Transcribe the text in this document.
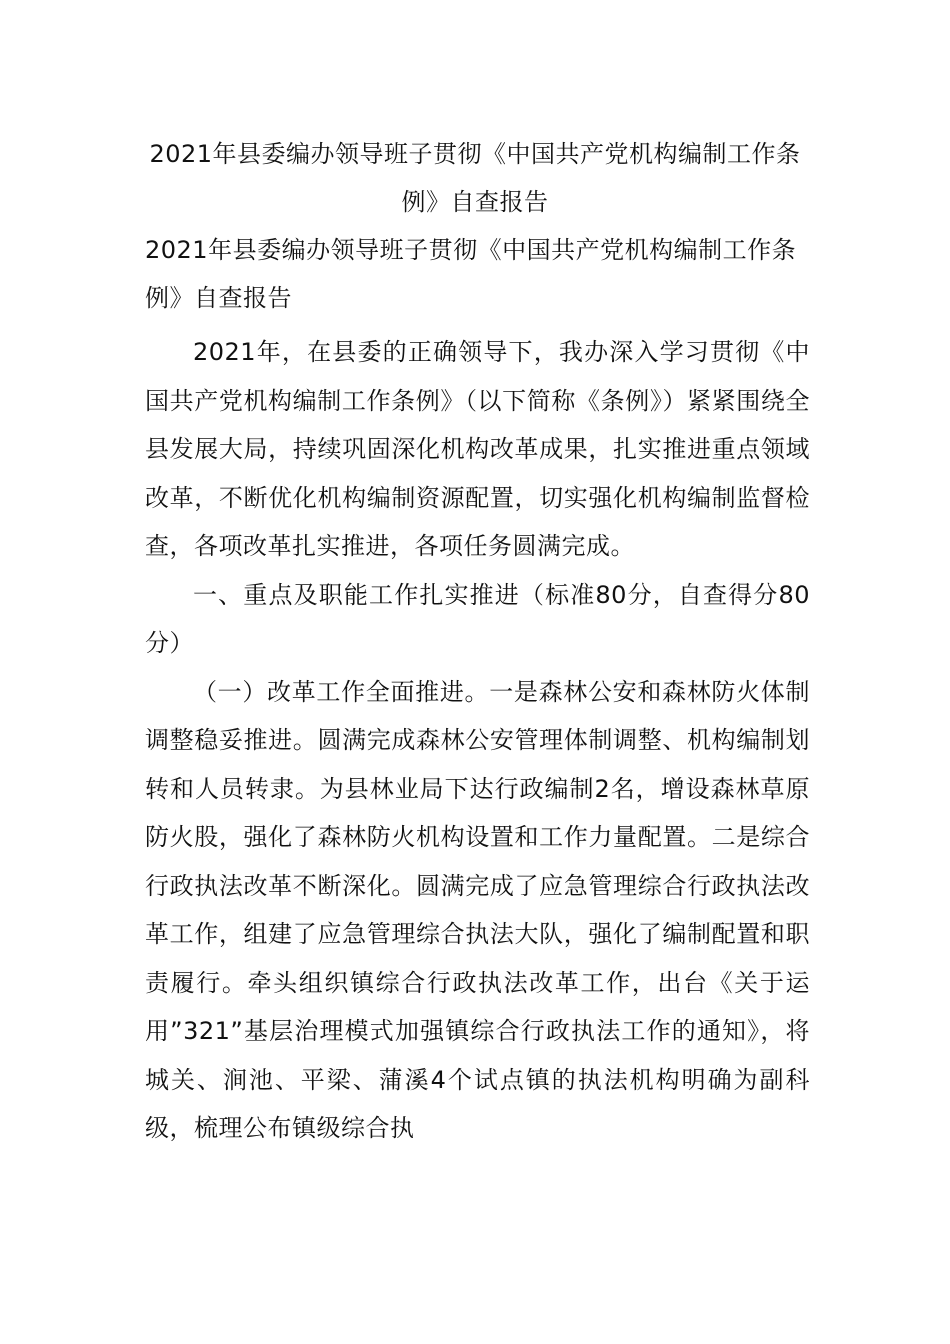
2021年县委编办领导班子贯彻《中国共产党机构编制工作条例》自查报告
2021年县委编办领导班子贯彻《中国共产党机构编制工作条例》自查报告

2021年，在县委的正确领导下，我办深入学习贯彻《中国共产党机构编制工作条例》（以下简称《条例》）紧紧围绕全县发展大局，持续巩固深化机构改革成果，扎实推进重点领域改革，不断优化机构编制资源配置，切实强化机构编制监督检查，各项改革扎实推进，各项任务圆满完成。

一、重点及职能工作扎实推进（标准80分，自查得分80分）

（一）改革工作全面推进。一是森林公安和森林防火体制调整稳妥推进。圆满完成森林公安管理体制调整、机构编制划转和人员转隶。为县林业局下达行政编制2名，增设森林草原防火股，强化了森林防火机构设置和工作力量配置。二是综合行政执法改革不断深化。圆满完成了应急管理综合行政执法改革工作，组建了应急管理综合执法大队，强化了编制配置和职责履行。牵头组织镇综合行政执法改革工作，出台《关于运用”321”基层治理模式加强镇综合行政执法工作的通知》，将城关、涧池、平梁、蒲溪4个试点镇的执法机构明确为副科级，梳理公布镇级综合执
